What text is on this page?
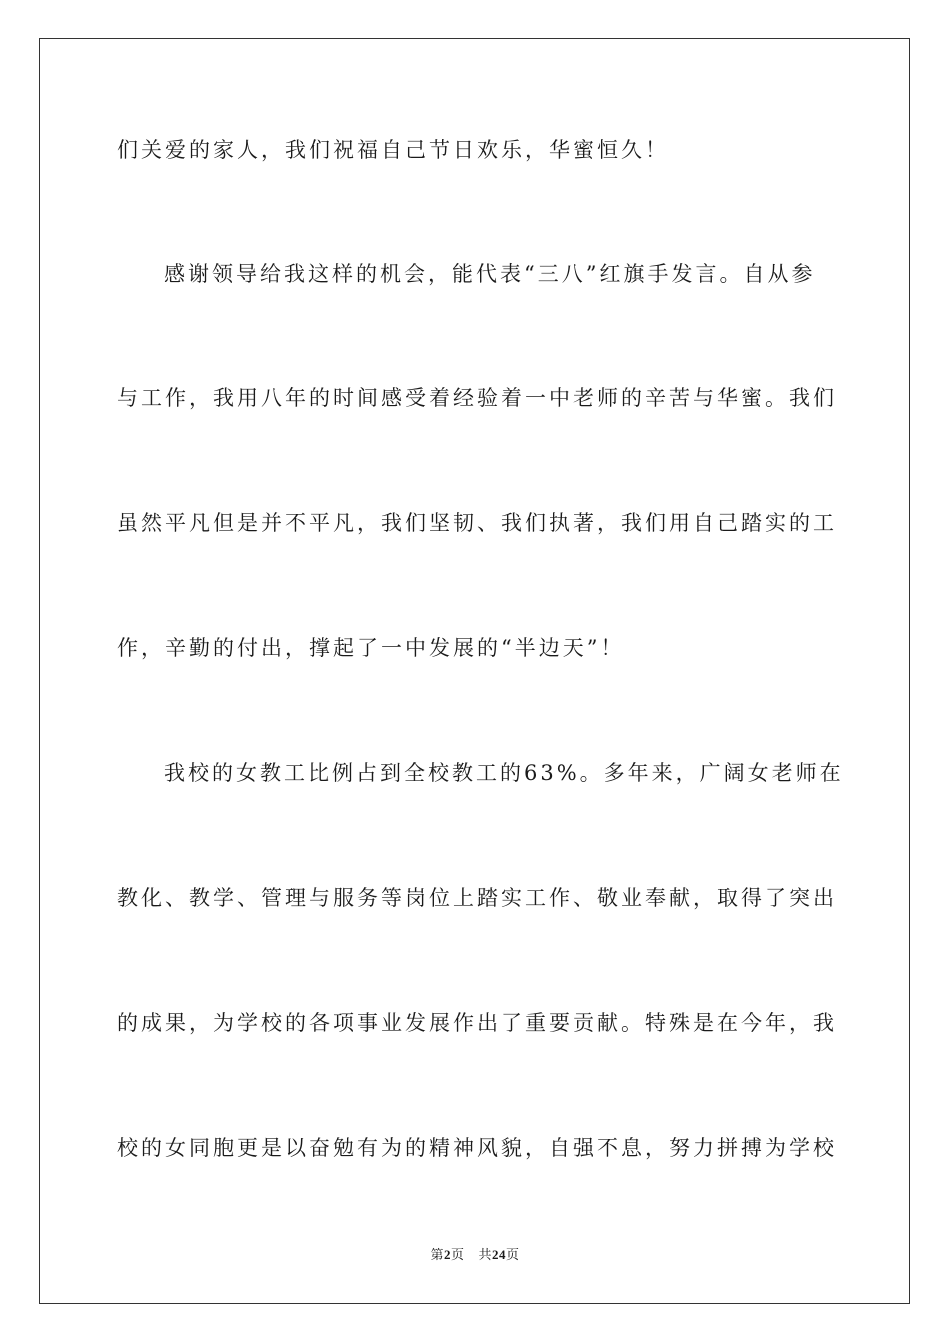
们关爱的家人，我们祝福自己节日欢乐，华蜜恒久！

感谢领导给我这样的机会，能代表“三八”红旗手发言。自从参

与工作，我用八年的时间感受着经验着一中老师的辛苦与华蜜。我们

虽然平凡但是并不平凡，我们坚韧、我们执著，我们用自己踏实的工

作，辛勤的付出，撑起了一中发展的“半边天”！

我校的女教工比例占到全校教工的63%。多年来，广阔女老师在

教化、教学、管理与服务等岗位上踏实工作、敬业奉献，取得了突出

的成果，为学校的各项事业发展作出了重要贡献。特殊是在今年，我

校的女同胞更是以奋勉有为的精神风貌，自强不息，努力拼搏为学校

第2页 共24页
